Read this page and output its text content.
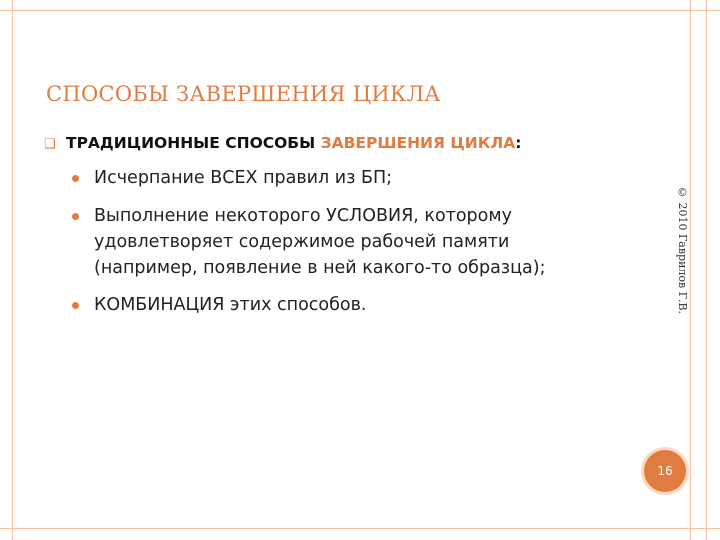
СПОСОБЫ ЗАВЕРШЕНИЯ ЦИКЛА
❑ ТРАДИЦИОННЫЕ СПОСОБЫ ЗАВЕРШЕНИЯ ЦИКЛА:
Исчерпание ВСЕХ правил из БП;
Выполнение некоторого УСЛОВИЯ, которому
удовлетворяет содержимое рабочей памяти
(например, появление в ней какого-то образца);
КОМБИНАЦИЯ этих способов.	© 2010 Гаврилов Г.В.
16
